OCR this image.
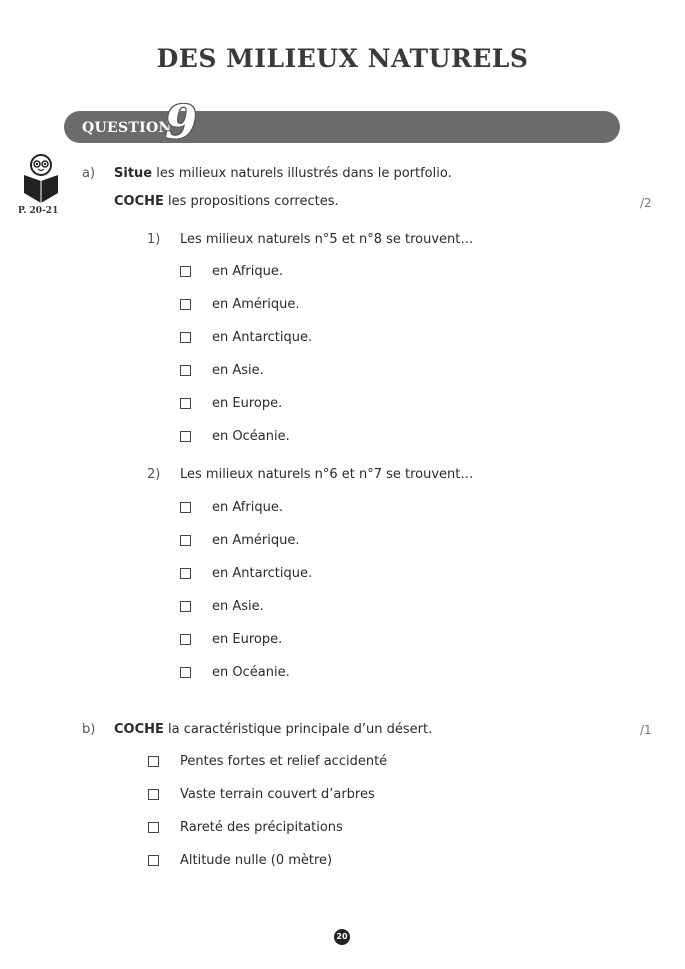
DES MILIEUX NATURELS
QUESTION
9
P. 20-21
a) Situe les milieux naturels illustrés dans le portfolio.
COCHE les propositions correctes.	/2
1) Les milieux naturels n°5 et n°8 se trouvent…
en Afrique.
en Amérique.
en Antarctique.
en Asie.
en Europe.
en Océanie.
2) Les milieux naturels n°6 et n°7 se trouvent…
en Afrique.
en Amérique.
en Antarctique.
en Asie.
en Europe.
en Océanie.
b) COCHE la caractéristique principale d’un désert.	/1
Pentes fortes et relief accidenté
Vaste terrain couvert d’arbres
Rareté des précipitations
Altitude nulle (0 mètre)
20
